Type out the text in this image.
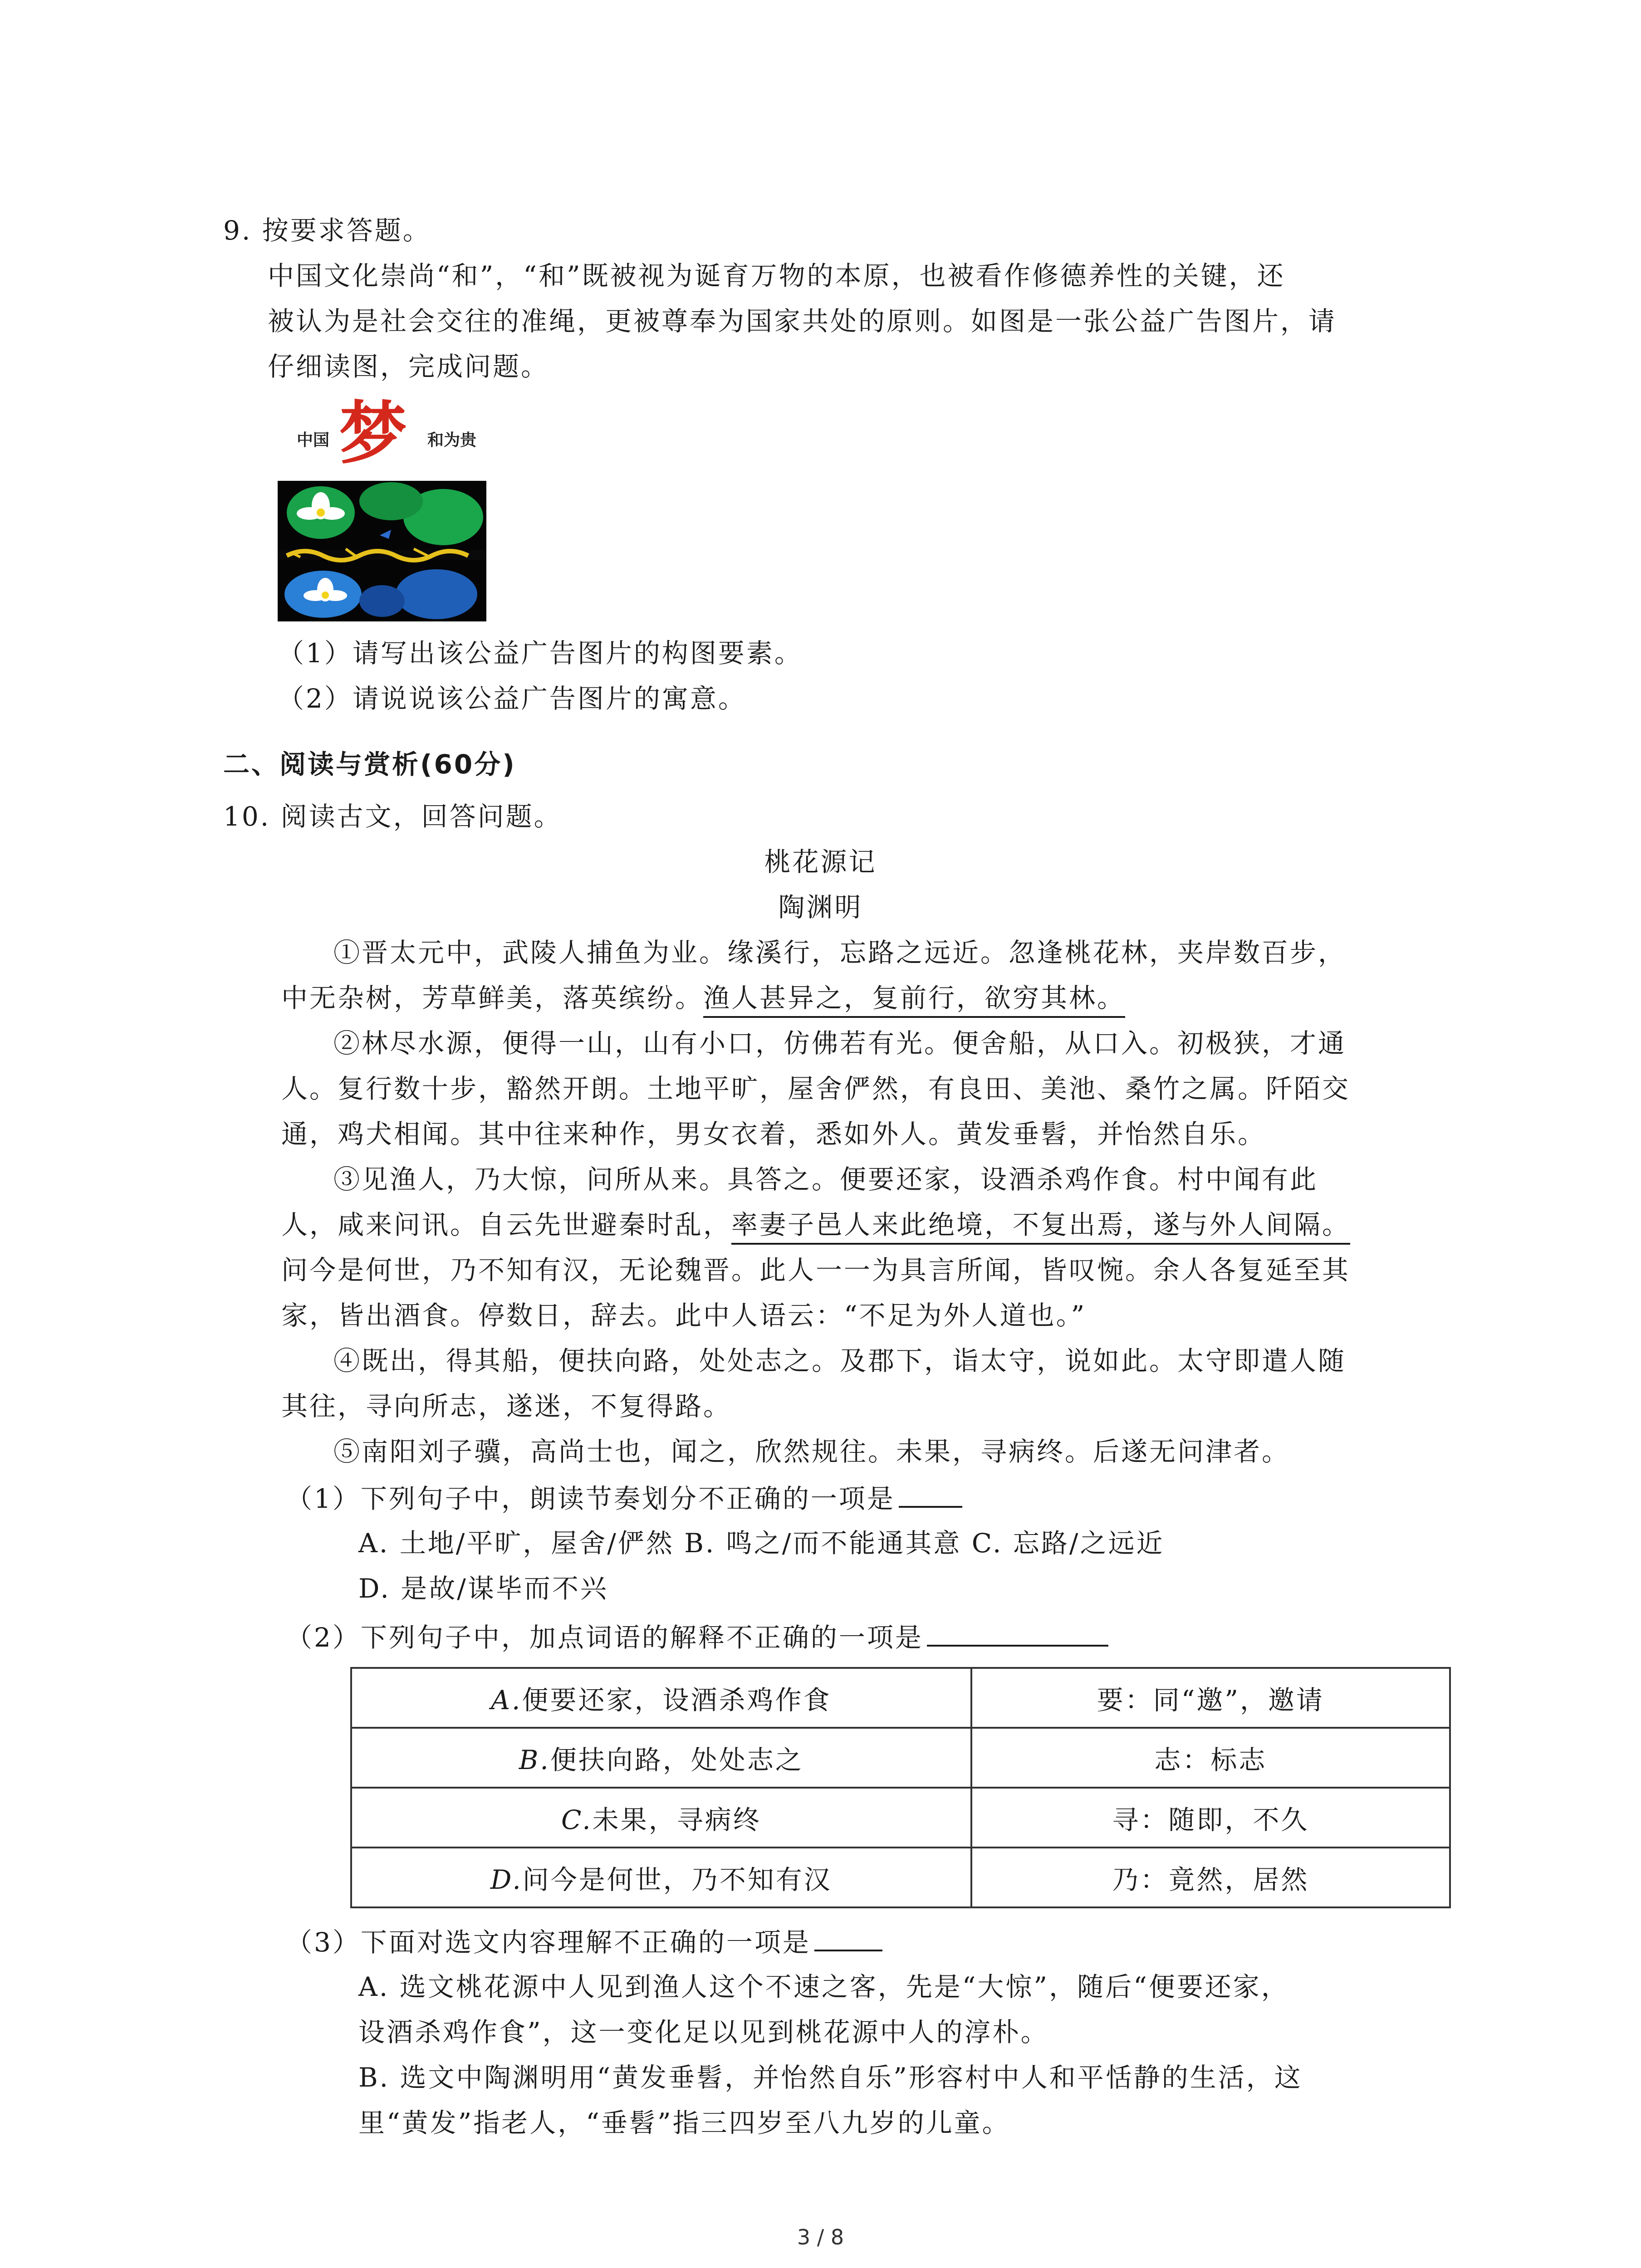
9. 按要求答题。
中国文化崇尚“和”，“和”既被视为诞育万物的本原，也被看作修德养性的关键，还
被认为是社会交往的准绳，更被尊奉为国家共处的原则。如图是一张公益广告图片，请
仔细读图，完成问题。
中国 梦 和为贵
（1）请写出该公益广告图片的构图要素。
（2）请说说该公益广告图片的寓意。
二、阅读与赏析(60分)
10. 阅读古文，回答问题。
桃花源记
陶渊明
①晋太元中，武陵人捕鱼为业。缘溪行，忘路之远近。忽逢桃花林，夹岸数百步，
中无杂树，芳草鲜美，落英缤纷。渔人甚异之，复前行，欲穷其林。
②林尽水源，便得一山，山有小口，仿佛若有光。便舍船，从口入。初极狭，才通
人。复行数十步，豁然开朗。土地平旷，屋舍俨然，有良田、美池、桑竹之属。阡陌交
通，鸡犬相闻。其中往来种作，男女衣着，悉如外人。黄发垂髫，并怡然自乐。
③见渔人，乃大惊，问所从来。具答之。便要还家，设酒杀鸡作食。村中闻有此
人，咸来问讯。自云先世避秦时乱，率妻子邑人来此绝境，不复出焉，遂与外人间隔。
问今是何世，乃不知有汉，无论魏晋。此人一一为具言所闻，皆叹惋。余人各复延至其
家，皆出酒食。停数日，辞去。此中人语云：“不足为外人道也。”
④既出，得其船，便扶向路，处处志之。及郡下，诣太守，说如此。太守即遣人随
其往，寻向所志，遂迷，不复得路。
⑤南阳刘子骥，高尚士也，闻之，欣然规往。未果，寻病终。后遂无问津者。
（1）下列句子中，朗读节奏划分不正确的一项是
A. 土地/平旷，屋舍/俨然 B. 鸣之/而不能通其意 C. 忘路/之远近
D. 是故/谋毕而不兴
（2）下列句子中，加点词语的解释不正确的一项是
A.便要还家，设酒杀鸡作食	要：同“邀”，邀请
B.便扶向路，处处志之	志：标志
C.未果，寻病终	寻：随即，不久
D.问今是何世，乃不知有汉	乃：竟然，居然
（3）下面对选文内容理解不正确的一项是
A. 选文桃花源中人见到渔人这个不速之客，先是“大惊”，随后“便要还家，
设酒杀鸡作食”，这一变化足以见到桃花源中人的淳朴。
B. 选文中陶渊明用“黄发垂髫，并怡然自乐”形容村中人和平恬静的生活，这
里“黄发”指老人，“垂髫”指三四岁至八九岁的儿童。
3 / 8
